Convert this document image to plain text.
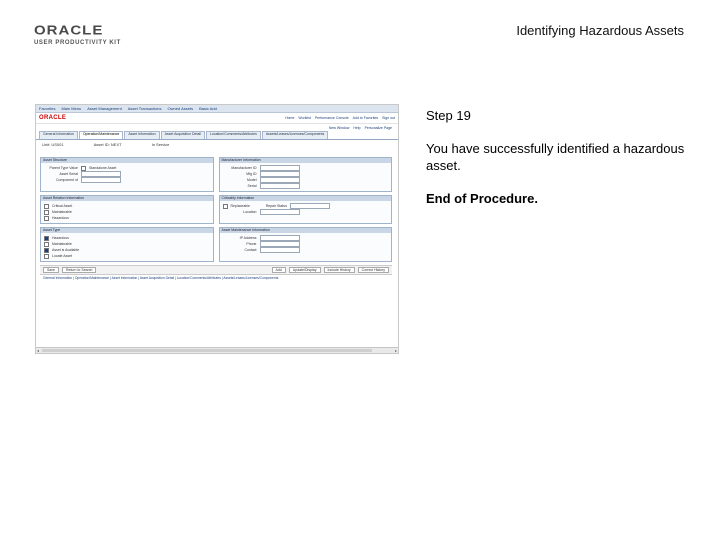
ORACLE
USER PRODUCTIVITY KIT
Identifying Hazardous Assets
Favorites Main Menu Asset Management Asset Transactions Owned Assets Basic Add
ORACLE	Home Worklist Performance Console Add to Favorites Sign out
New Window Help Personalize Page
General Information	Operation/Maintenance	Asset Information	Asset Acquisition Detail	Location/Comments/Attributes	Assets/Leases/Licenses/Components
Unit: US001	Asset ID: NEXT	In Service
Asset Structure
Parent Type Value	Standalone Asset
Asset Serial
Component of
Manufacturer Information
Manufacturer ID
Mfg ID
Model
Serial
Asset Relation Information
Critical Asset
Maintainable
Hazardous
Criticality Information
Replaceable	Repair Status
Location
Asset Type
Hazardous
Maintainable
Asset is Available
Locate Asset
Asset Maintenance Information
IP Address
Phone
Contact
Save	Return to Search	Add	Update/Display	Include History	Correct History
General Information | Operation/Maintenance | Asset Information | Asset Acquisition Detail | Location/Comments/Attributes | Assets/Leases/Licenses/Components
◂	▸

Step 19

You have successfully identified a hazardous asset.

End of Procedure.
